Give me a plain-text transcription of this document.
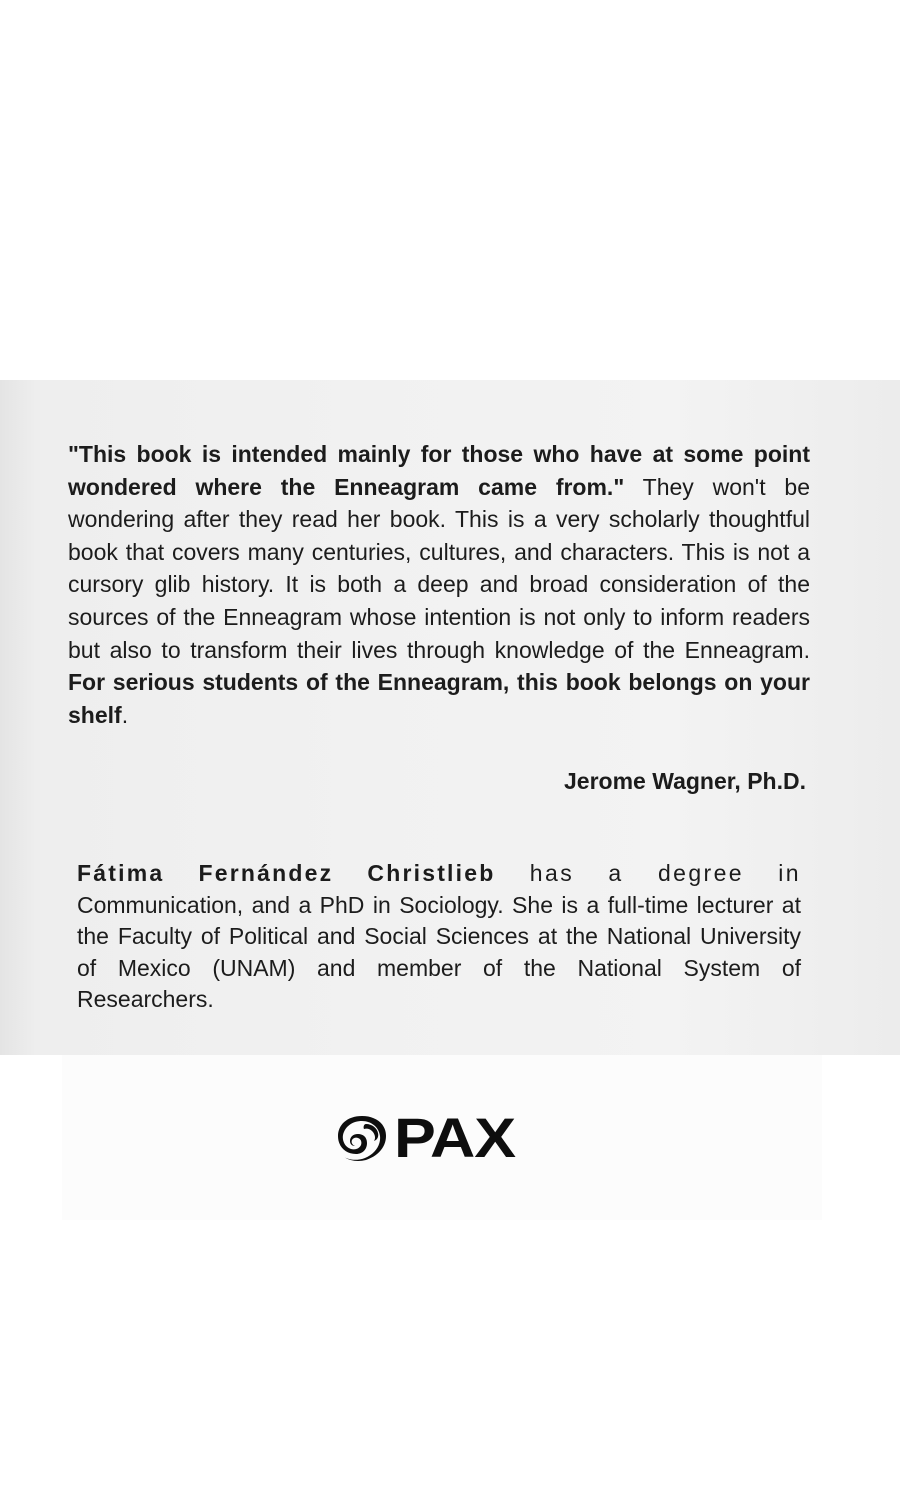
"This book is intended mainly for those who have at some point wondered where the Enneagram came from." They won't be wondering after they read her book. This is a very scholarly thoughtful book that covers many centuries, cultures, and characters. This is not a cursory glib history. It is both a deep and broad consideration of the sources of the Enneagram whose intention is not only to inform readers but also to transform their lives through knowledge of the Enneagram. For serious students of the Enneagram, this book belongs on your shelf.

Jerome Wagner, Ph.D.

Fátima Fernández Christlieb has a degree in Communication, and a PhD in Sociology. She is a full-time lecturer at the Faculty of Political and Social Sciences at the National University of Mexico (UNAM) and member of the National System of Researchers.

PAX
